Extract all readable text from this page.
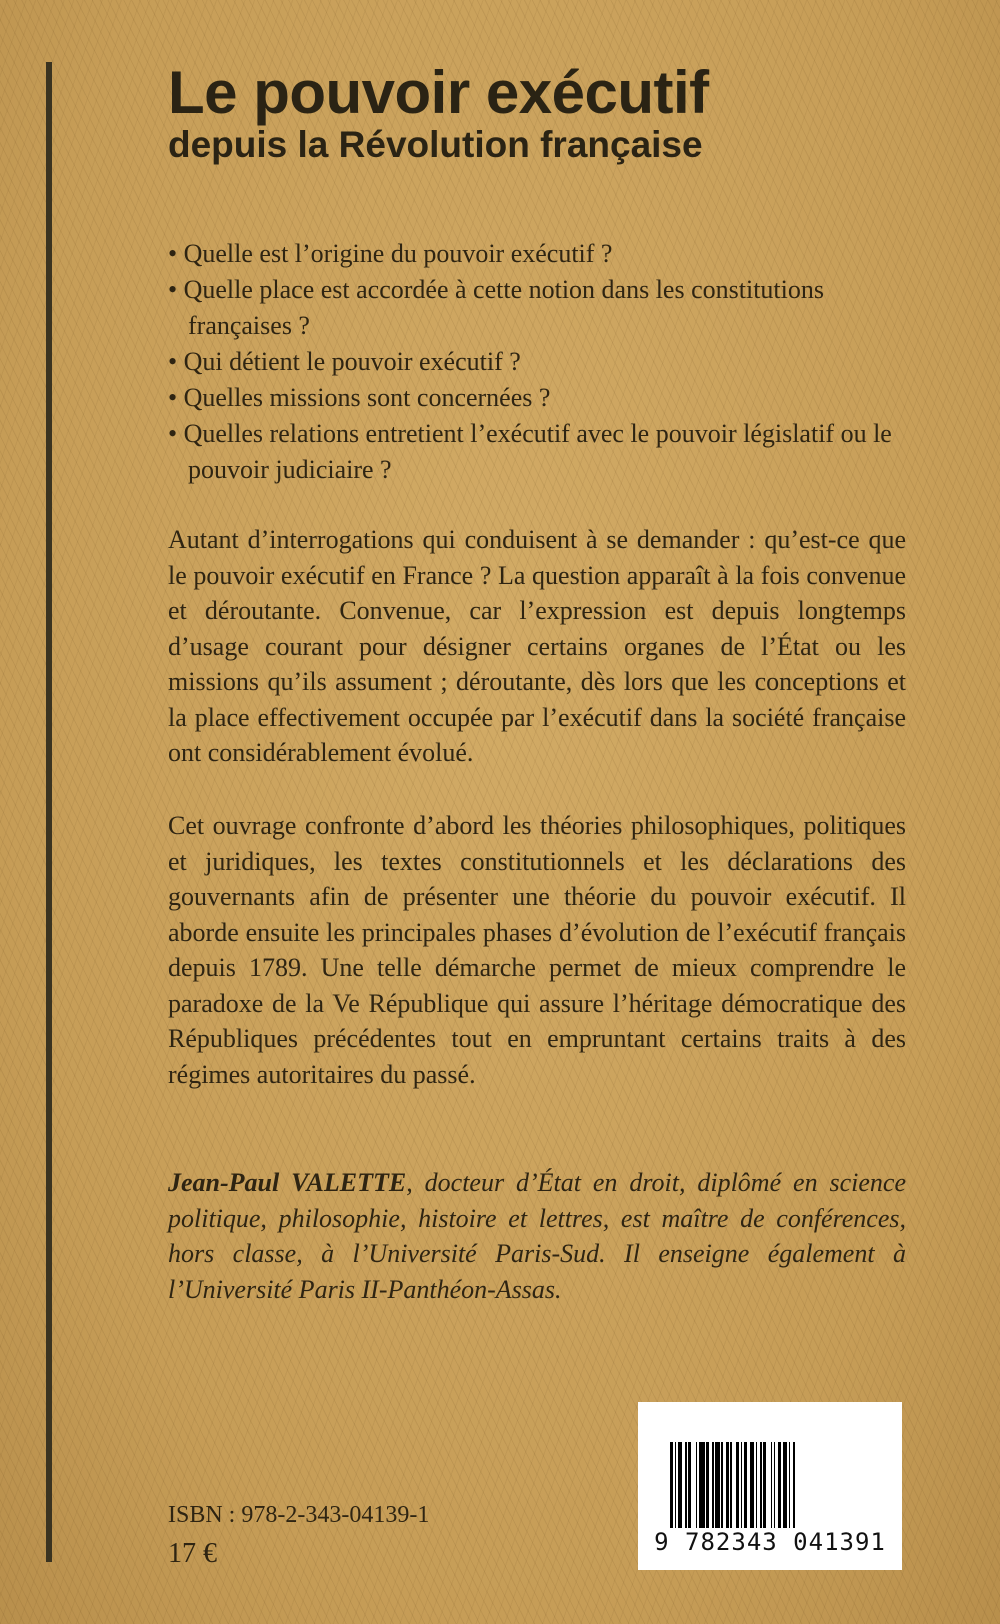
Le pouvoir exécutif
depuis la Révolution française
• Quelle est l’origine du pouvoir exécutif ?
• Quelle place est accordée à cette notion dans les constitutions françaises ?
• Qui détient le pouvoir exécutif ?
• Quelles missions sont concernées ?
• Quelles relations entretient l’exécutif avec le pouvoir législatif ou le pouvoir judiciaire ?

Autant d’interrogations qui conduisent à se demander : qu’est-ce que le pouvoir exécutif en France ? La question apparaît à la fois convenue et déroutante. Convenue, car l’expression est depuis longtemps d’usage courant pour désigner certains organes de l’État ou les missions qu’ils assument ; déroutante, dès lors que les conceptions et la place effectivement occupée par l’exécutif dans la société française ont considérablement évolué.

Cet ouvrage confronte d’abord les théories philosophiques, politiques et juridiques, les textes constitutionnels et les déclarations des gouvernants afin de présenter une théorie du pouvoir exécutif. Il aborde ensuite les principales phases d’évolution de l’exécutif français depuis 1789. Une telle démarche permet de mieux comprendre le paradoxe de la Ve République qui assure l’héritage démocratique des Républiques précédentes tout en empruntant certains traits à des régimes autoritaires du passé.

Jean-Paul VALETTE, docteur d’État en droit, diplômé en science politique, philosophie, histoire et lettres, est maître de conférences, hors classe, à l’Université Paris-Sud. Il enseigne également à l’Université Paris II-Panthéon-Assas.

ISBN : 978-2-343-04139-1
17 €	9 782343 041391
